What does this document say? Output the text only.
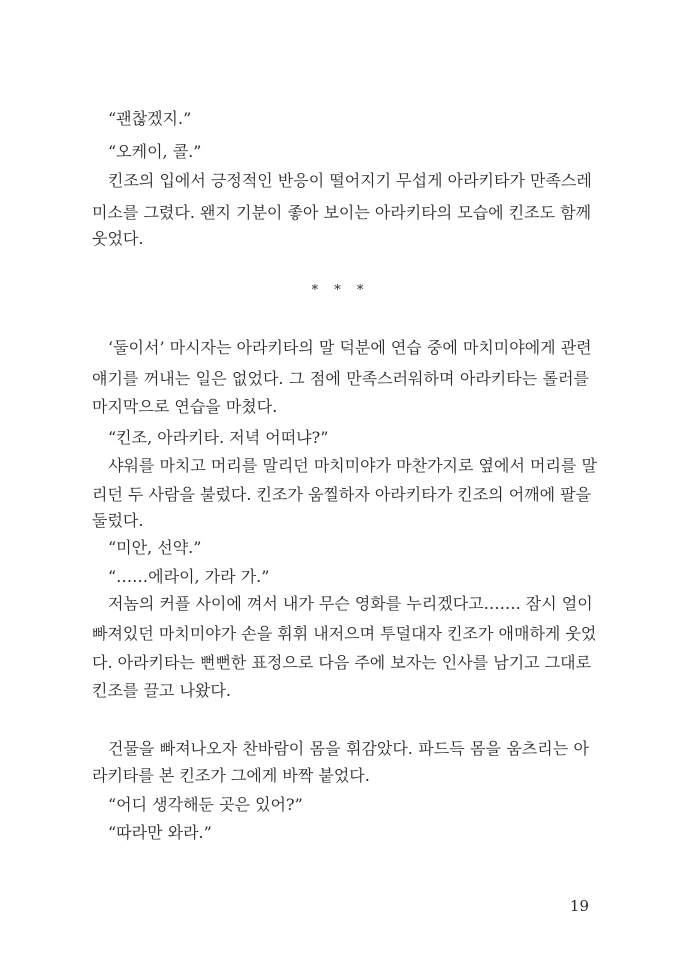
“괜찮겠지.”
“오케이, 콜.”
킨조의 입에서 긍정적인 반응이 떨어지기 무섭게 아라키타가 만족스레
미소를 그렸다. 왠지 기분이 좋아 보이는 아라키타의 모습에 킨조도 함께
웃었다.
* * *
‘둘이서’ 마시자는 아라키타의 말 덕분에 연습 중에 마치미야에게 관련
얘기를 꺼내는 일은 없었다. 그 점에 만족스러워하며 아라키타는 롤러를
마지막으로 연습을 마쳤다.
“킨조, 아라키타. 저녁 어떠냐?”
샤워를 마치고 머리를 말리던 마치미야가 마찬가지로 옆에서 머리를 말
리던 두 사람을 불렀다. 킨조가 움찔하자 아라키타가 킨조의 어깨에 팔을
둘렀다.
“미안, 선약.”
“……에라이, 가라 가.”
저놈의 커플 사이에 껴서 내가 무슨 영화를 누리겠다고……. 잠시 얼이
빠져있던 마치미야가 손을 휘휘 내저으며 투덜대자 킨조가 애매하게 웃었
다. 아라키타는 뻔뻔한 표정으로 다음 주에 보자는 인사를 남기고 그대로
킨조를 끌고 나왔다.
건물을 빠져나오자 찬바람이 몸을 휘감았다. 파드득 몸을 움츠리는 아
라키타를 본 킨조가 그에게 바짝 붙었다.
“어디 생각해둔 곳은 있어?”
“따라만 와라.”
19
